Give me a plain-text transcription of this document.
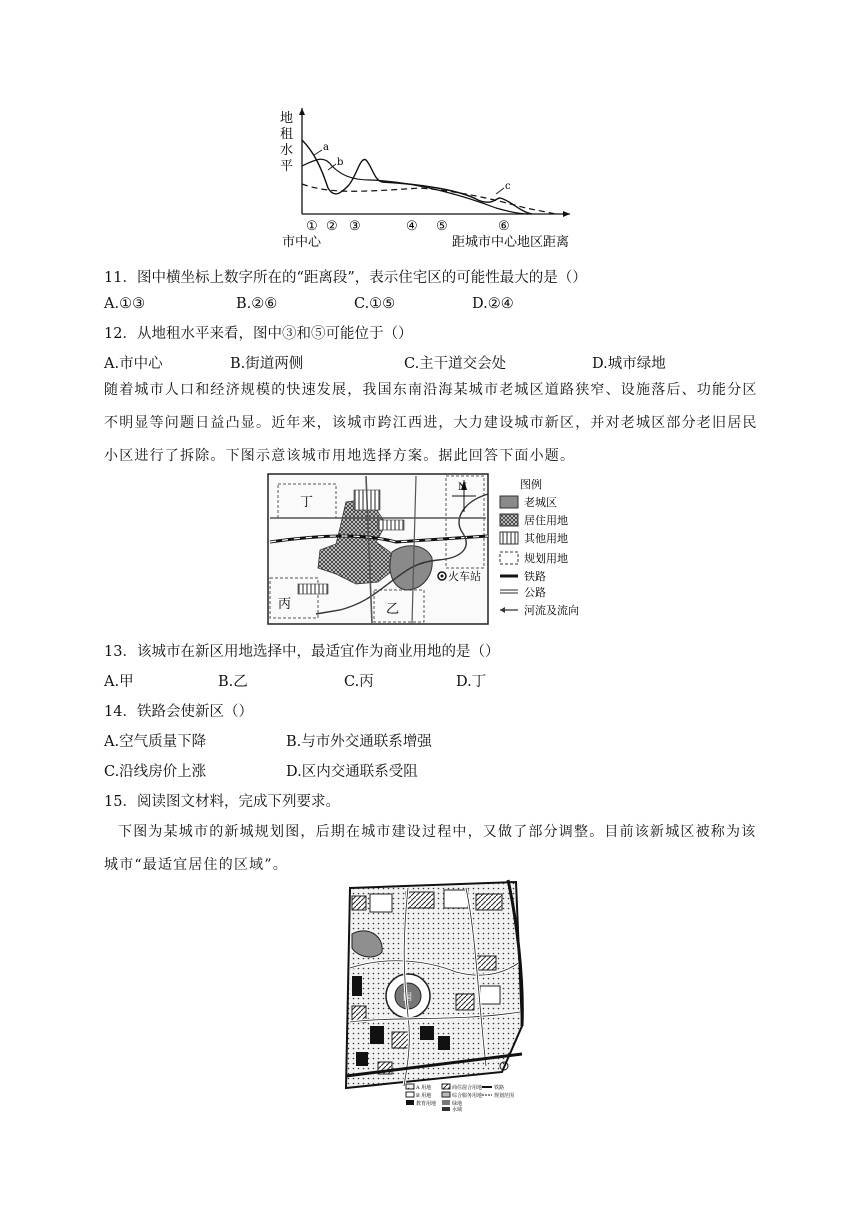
地
租
水
平
a
b
c
① ② ③	④ ⑤	⑥
市中心	距城市中心地区距离
11．图中横坐标上数字所在的“距离段”，表示住宅区的可能性最大的是（）
A.①③	B.②⑥	C.①⑤	D.②④
12．从地租水平来看，图中③和⑤可能位于（）
A.市中心	B.街道两侧	C.主干道交会处	D.城市绿地
随着城市人口和经济规模的快速发展，我国东南沿海某城市老城区道路狭窄、设施落后、功能分区不明显等问题日益凸显。近年来，该城市跨江西进，大力建设城市新区，并对老城区部分老旧居民小区进行了拆除。下图示意该城市用地选择方案。据此回答下面小题。
丁
丙	乙
火车站
N	图例
老城区
居住用地
其他用地
规划用地
铁路
公路
河流及流向
13．该城市在新区用地选择中，最适宜作为商业用地的是（）
A.甲	B.乙	C.丙	D.丁
14．铁路会使新区（）
A.空气质量下降	B.与市外交通联系增强
C.沿线房价上涨	D.区内交通联系受阻
15．阅读图文材料，完成下列要求。
下图为某城市的新城规划图，后期在城市建设过程中，又做了部分调整。目前该新城区被称为该城市“最适宜居住的区域”。
园
A 用地
B 用地
教育用地
商住混合用地
综合服务用地
绿地
水域
铁路
规划范围
